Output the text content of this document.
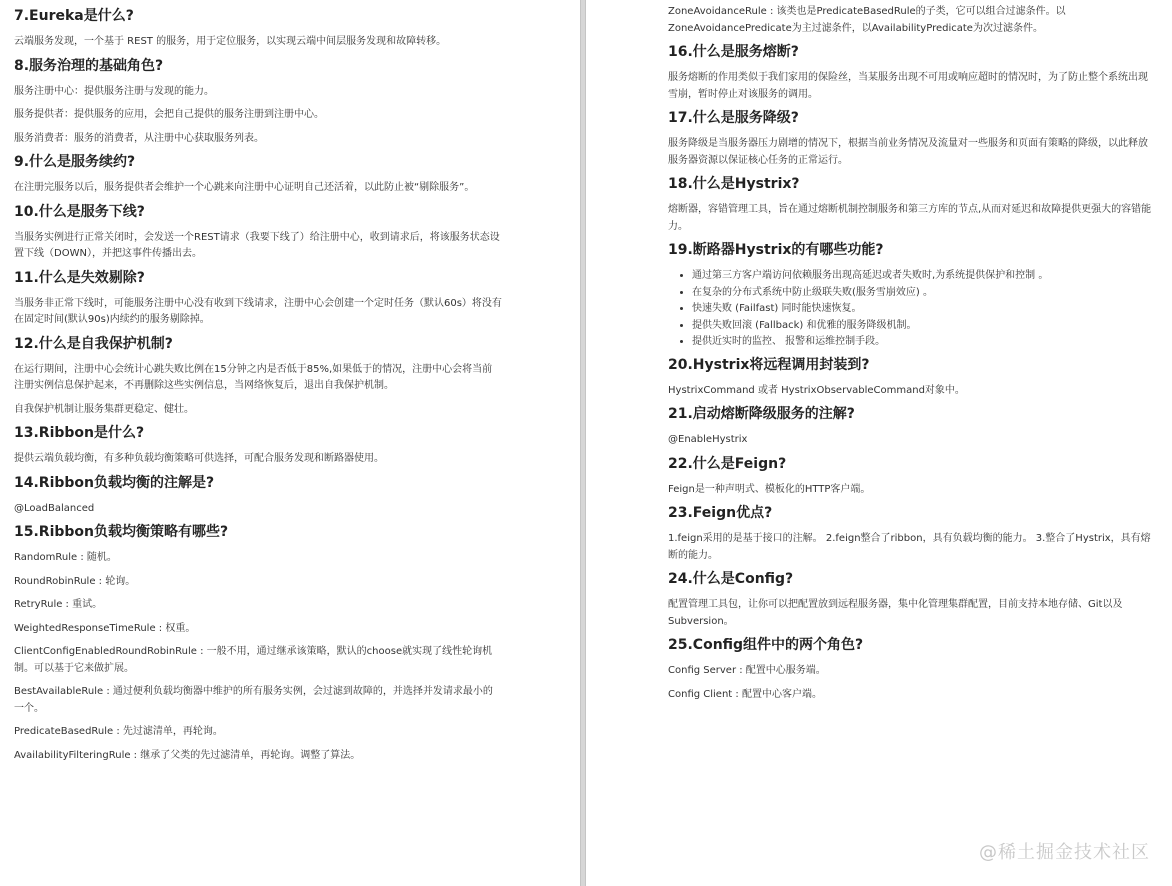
7.Eureka是什么?

云端服务发现，一个基于 REST 的服务，用于定位服务，以实现云端中间层服务发现和故障转移。

8.服务治理的基础角色?

服务注册中心：提供服务注册与发现的能力。

服务提供者：提供服务的应用，会把自己提供的服务注册到注册中心。

服务消费者：服务的消费者，从注册中心获取服务列表。

9.什么是服务续约?

在注册完服务以后，服务提供者会维护一个心跳来向注册中心证明自己还活着，以此防止被“剔除服务”。

10.什么是服务下线?

当服务实例进行正常关闭时，会发送一个REST请求（我要下线了）给注册中心，收到请求后，将该服务状态设置下线（DOWN），并把这事件传播出去。

11.什么是失效剔除?

当服务非正常下线时，可能服务注册中心没有收到下线请求，注册中心会创建一个定时任务（默认60s）将没有在固定时间(默认90s)内续约的服务剔除掉。

12.什么是自我保护机制?

在运行期间，注册中心会统计心跳失败比例在15分钟之内是否低于85%,如果低于的情况，注册中心会将当前注册实例信息保护起来，不再删除这些实例信息，当网络恢复后，退出自我保护机制。

自我保护机制让服务集群更稳定、健壮。

13.Ribbon是什么?

提供云端负载均衡，有多种负载均衡策略可供选择，可配合服务发现和断路器使用。

14.Ribbon负载均衡的注解是?

@LoadBalanced

15.Ribbon负载均衡策略有哪些?

RandomRule : 随机。

RoundRobinRule : 轮询。

RetryRule : 重试。

WeightedResponseTimeRule : 权重。

ClientConfigEnabledRoundRobinRule : 一般不用，通过继承该策略，默认的choose就实现了线性轮询机制。可以基于它来做扩展。

BestAvailableRule : 通过便利负载均衡器中维护的所有服务实例，会过滤到故障的，并选择并发请求最小的一个。

PredicateBasedRule : 先过滤清单，再轮询。

AvailabilityFilteringRule : 继承了父类的先过滤清单，再轮询。调整了算法。

ZoneAvoidanceRule : 该类也是PredicateBasedRule的子类，它可以组合过滤条件。以ZoneAvoidancePredicate为主过滤条件，以AvailabilityPredicate为次过滤条件。

16.什么是服务熔断?

服务熔断的作用类似于我们家用的保险丝，当某服务出现不可用或响应超时的情况时，为了防止整个系统出现雪崩，暂时停止对该服务的调用。

17.什么是服务降级?

服务降级是当服务器压力剧增的情况下，根据当前业务情况及流量对一些服务和页面有策略的降级，以此释放服务器资源以保证核心任务的正常运行。

18.什么是Hystrix?

熔断器，容错管理工具，旨在通过熔断机制控制服务和第三方库的节点,从而对延迟和故障提供更强大的容错能力。

19.断路器Hystrix的有哪些功能?
• 通过第三方客户端访问依赖服务出现高延迟或者失败时,为系统提供保护和控制 。
• 在复杂的分布式系统中防止级联失败(服务雪崩效应) 。
• 快速失败 (Failfast) 同时能快速恢复。
• 提供失败回滚 (Fallback) 和优雅的服务降级机制。
• 提供近实时的监控、 报警和运维控制手段。
20.Hystrix将远程调用封装到?

HystrixCommand 或者 HystrixObservableCommand对象中。

21.启动熔断降级服务的注解?

@EnableHystrix

22.什么是Feign?

Feign是一种声明式、模板化的HTTP客户端。

23.Feign优点?

1.feign采用的是基于接口的注解。 2.feign整合了ribbon，具有负载均衡的能力。 3.整合了Hystrix，具有熔断的能力。

24.什么是Config?

配置管理工具包，让你可以把配置放到远程服务器，集中化管理集群配置，目前支持本地存储、Git以及Subversion。

25.Config组件中的两个角色?

Config Server : 配置中心服务端。

Config Client : 配置中心客户端。

@稀土掘金技术社区
